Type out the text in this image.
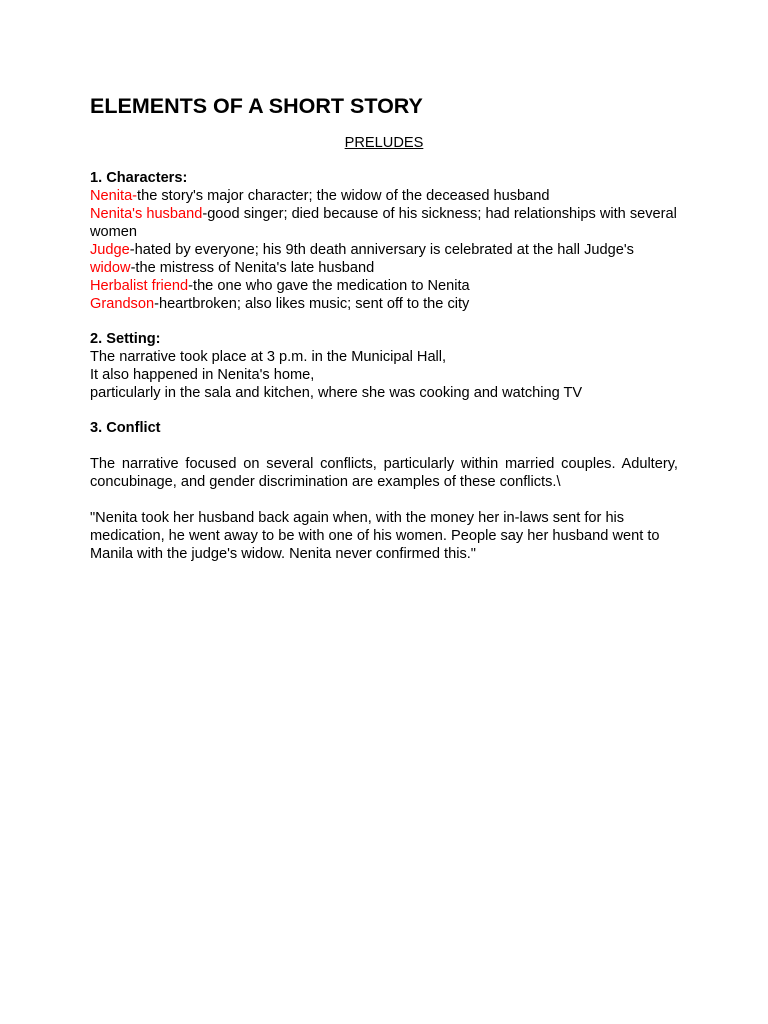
ELEMENTS OF A SHORT STORY
PRELUDES
1. Characters:
Nenita-the story's major character; the widow of the deceased husband
Nenita's husband-good singer; died because of his sickness; had relationships with several women
Judge-hated by everyone; his 9th death anniversary is celebrated at the hall Judge's
widow-the mistress of Nenita's late husband
Herbalist friend-the one who gave the medication to Nenita
Grandson-heartbroken; also likes music; sent off to the city
2. Setting:
The narrative took place at 3 p.m. in the Municipal Hall,
It also happened in Nenita's home,
particularly in the sala and kitchen, where she was cooking and watching TV
3. Conflict
The narrative focused on several conflicts, particularly within married couples. Adultery, concubinage, and gender discrimination are examples of these conflicts.\
"Nenita took her husband back again when, with the money her in-laws sent for his medication, he went away to be with one of his women. People say her husband went to Manila with the judge's widow. Nenita never confirmed this."
